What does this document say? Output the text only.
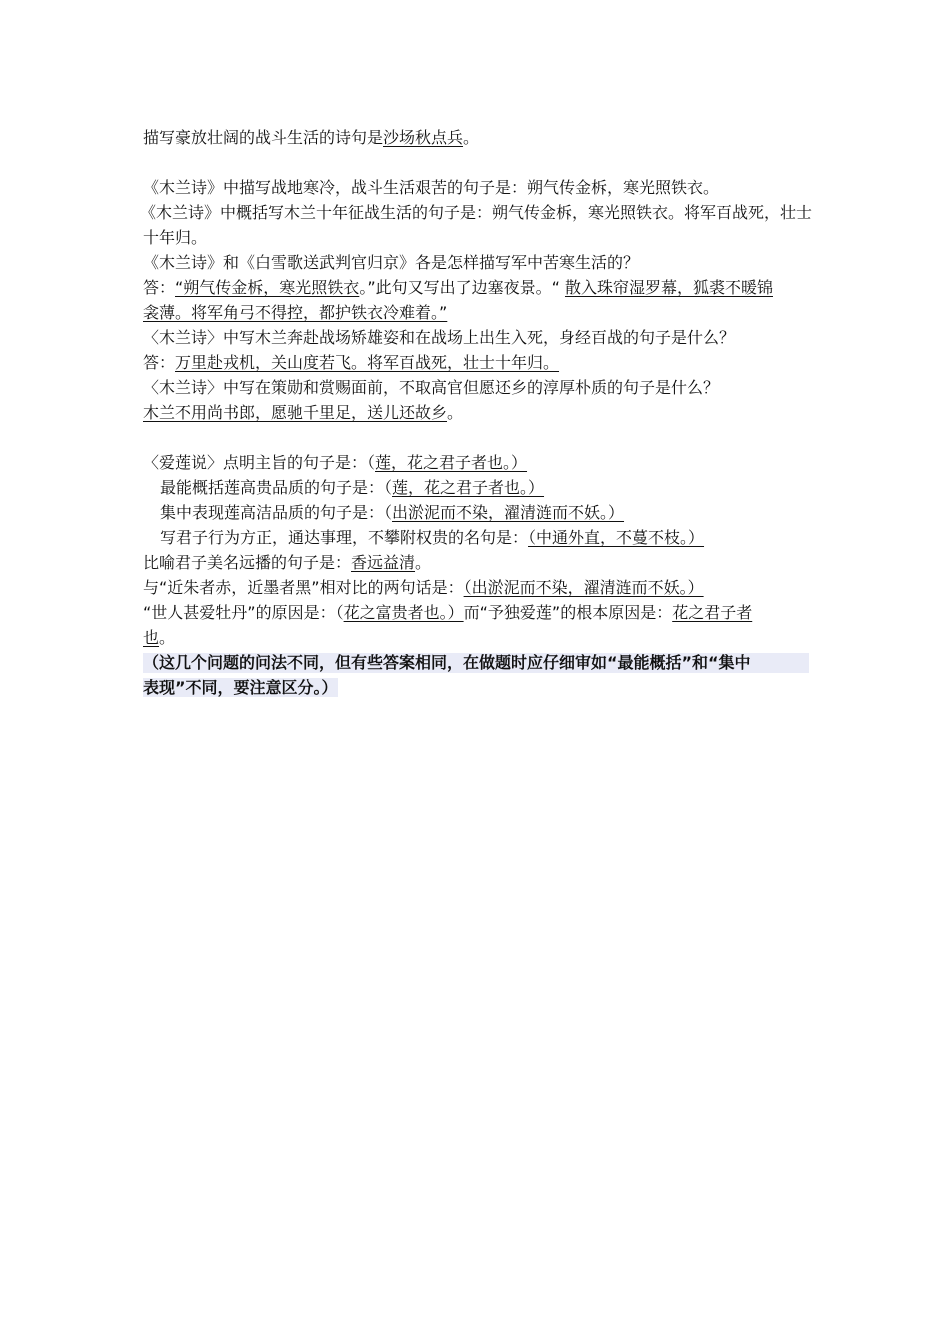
描写豪放壮阔的战斗生活的诗句是沙场秋点兵。
《木兰诗》中描写战地寒冷，战斗生活艰苦的句子是：朔气传金柝，寒光照铁衣。
《木兰诗》中概括写木兰十年征战生活的句子是：朔气传金柝，寒光照铁衣。将军百战死，壮士
十年归。
《木兰诗》和《白雪歌送武判官归京》各是怎样描写军中苦寒生活的？
答：“朔气传金柝，寒光照铁衣。”此句又写出了边塞夜景。“ 散入珠帘湿罗幕，狐裘不暖锦
衾薄。将军角弓不得控，都护铁衣冷难着。”
〈木兰诗〉中写木兰奔赴战场矫雄姿和在战场上出生入死，身经百战的句子是什么？
答：万里赴戎机，关山度若飞。将军百战死，壮士十年归。
〈木兰诗〉中写在策勋和赏赐面前，不取高官但愿还乡的淳厚朴质的句子是什么？
木兰不用尚书郎，愿驰千里足，送儿还故乡。
〈爱莲说〉点明主旨的句子是：（莲，花之君子者也。）
最能概括莲高贵品质的句子是：（莲，花之君子者也。）
集中表现莲高洁品质的句子是：（出淤泥而不染，濯清涟而不妖。）
写君子行为方正，通达事理，不攀附权贵的名句是：（中通外直，不蔓不枝。）
比喻君子美名远播的句子是：香远益清。
与“近朱者赤，近墨者黑”相对比的两句话是：（出淤泥而不染，濯清涟而不妖。）
“世人甚爱牡丹”的原因是：（花之富贵者也。）而“予独爱莲”的根本原因是：花之君子者
也。
（这几个问题的问法不同，但有些答案相同，在做题时应仔细审如“最能概括”和“集中
表现”不同，要注意区分。）
